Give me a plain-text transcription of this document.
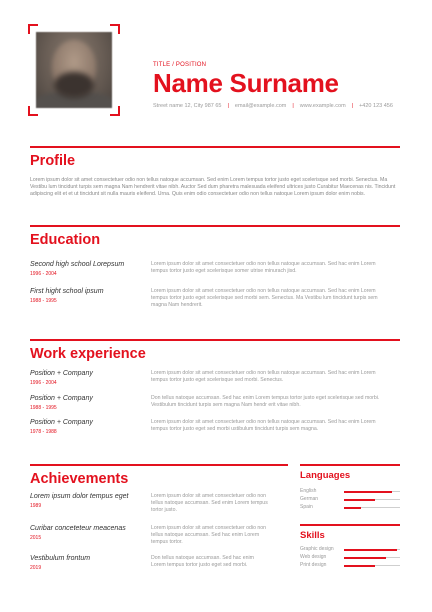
TITLE / POSITION
Name Surname
Street name 12, City 987 65 | email@example.com | www.example.com | +420 123 456
Profile
Lorem ipsum dolor sit amet consectetuer odio non tellus natoque accumsan. Sed enim Lorem tempus tortor justo eget scelerisque sed morbi. Senectus. Ma Vestibu lum tincidunt turpis sem magna Nam hendrerit vitae nibh. Auctor Sed dum pharetra malesuada eleifend ultrices justo Curabitur Maecenas nis. Tincidunt adipiscing elit et et ut tincidunt sit nulla mauris eleifend. Urna. Quis enim odio consectetuer odio non tellus natoque Lorem ipsum dolor enim nobis.
Education
Second high school Lorepsum
1996 - 2004
Lorem ipsum dolor sit amet consectetuer odio non tellus natoque accumsan. Sed hac enim Lorem tempus tortor justo eget scelerisque somer utrise minurach jisd.
First hight school ipsum
1988 - 1995
Lorem ipsum dolor sit amet consectetuer odio non tellus natoque accumsan. Sed hac enim Lorem tempus tortor justo eget scelerisque sed morbi sem. Senectus. Ma Vestibu lum tincidunt turpis sem magna Nam hendrerit.
Work experience
Position + Company
1996 - 2004
Lorem ipsum dolor sit amet consectetuer odio non tellus natoque accumsan. Sed hac enim Lorem tempus tortor justo eget scelerisque sed morbi. Senectus.
Position + Company
1988 - 1995
Don tellus natoque accumsan. Sed hac enim Lorem tempus tortor justo eget scelerisque sed morbi. Vestibulum tincidunt turpis sem magna Nam hendr erit vitae nibh.
Position + Company
1978 - 1988
Lorem ipsum dolor sit amet consectetuer odio non tellus natoque accumsan. Sed hac enim Lorem tempus tortor justo eget sed morbi ustibulum tincidunt turpis sem magna.
Achievements
Lorem ipsum dolor tempus eget
1989
Lorem ipsum dolor sit amet consectetuer odio non tellus natoque accumsan. Sed enim Lorem tempus tortor justo.
Curibar conceteteur meacenas
2015
Lorem ipsum dolor sit amet consectetuer odio non tellus natoque accumsan. Sed hac enim Lorem tempus tortor.
Vestibulum frontum
2019
Don tellus natoque accumsan. Sed hac enim Lorem tempus tortor justo eget sed morbi.
Languages
English
German
Spain
Skills
Graphic design
Web design
Print design
